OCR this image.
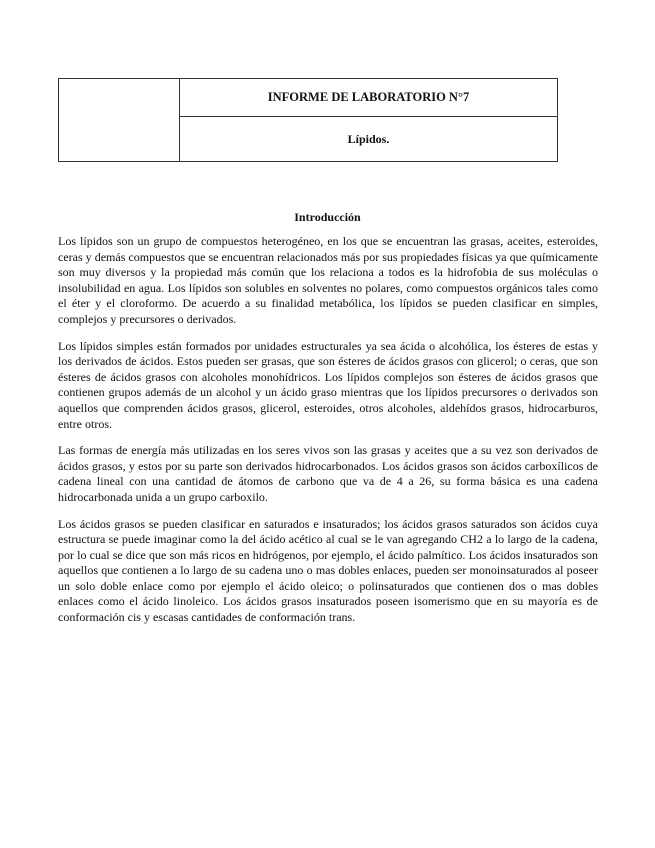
	INFORME DE LABORATORIO N°7
Lípidos.
Introducción

Los lípidos son un grupo de compuestos heterogéneo, en los que se encuentran las grasas, aceites, esteroides, ceras y demás compuestos que se encuentran relacionados más por sus propiedades físicas ya que químicamente son muy diversos y la propiedad más común que los relaciona a todos es la hidrofobia de sus moléculas o insolubilidad en agua. Los lípidos son solubles en solventes no polares, como compuestos orgánicos tales como el éter y el cloroformo. De acuerdo a su finalidad metabólica, los lípidos se pueden clasificar en simples, complejos y precursores o derivados.

Los lípidos simples están formados por unidades estructurales ya sea ácida o alcohólica, los ésteres de estas y los derivados de ácidos. Estos pueden ser grasas, que son ésteres de ácidos grasos con glicerol; o ceras, que son ésteres de ácidos grasos con alcoholes monohídricos. Los lípidos complejos son ésteres de ácidos grasos que contienen grupos además de un alcohol y un ácido graso mientras que los lípidos precursores o derivados son aquellos que comprenden ácidos grasos, glicerol, esteroides, otros alcoholes, aldehídos grasos, hidrocarburos, entre otros.

Las formas de energía más utilizadas en los seres vivos son las grasas y aceites que a su vez son derivados de ácidos grasos, y estos por su parte son derivados hidrocarbonados. Los ácidos grasos son ácidos carboxílicos de cadena lineal con una cantidad de átomos de carbono que va de 4 a 26, su forma básica es una cadena hidrocarbonada unida a un grupo carboxilo.

Los ácidos grasos se pueden clasificar en saturados e insaturados; los ácidos grasos saturados son ácidos cuya estructura se puede imaginar como la del ácido acético al cual se le van agregando CH2 a lo largo de la cadena, por lo cual se dice que son más ricos en hidrógenos, por ejemplo, el ácido palmítico. Los ácidos insaturados son aquellos que contienen a lo largo de su cadena uno o mas dobles enlaces, pueden ser monoinsaturados al poseer un solo doble enlace como por ejemplo el ácido oleico; o polinsaturados que contienen dos o mas dobles enlaces como el ácido linoleico. Los ácidos grasos insaturados poseen isomerismo que en su mayoría es de conformación cis y escasas cantidades de conformación trans.
